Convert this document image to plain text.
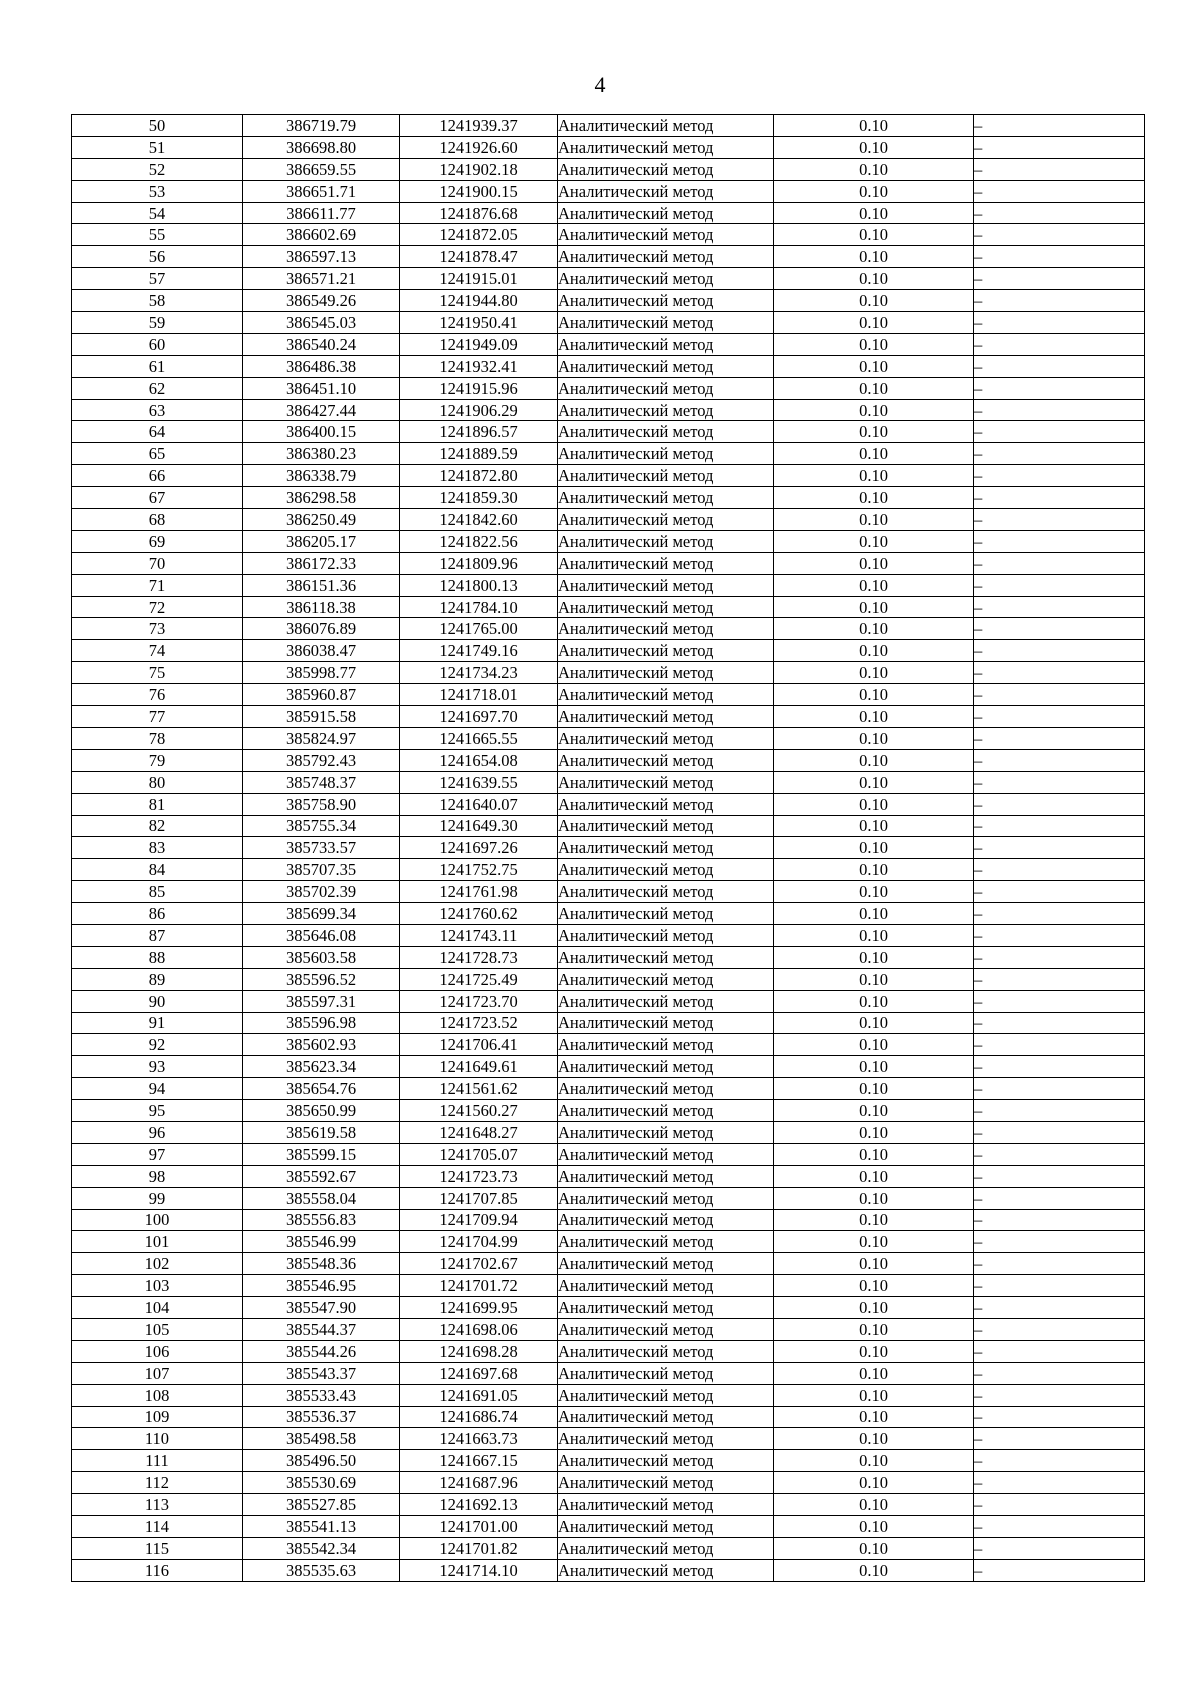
4
50	386719.79	1241939.37	Аналитический метод	0.10	–
51	386698.80	1241926.60	Аналитический метод	0.10	–
52	386659.55	1241902.18	Аналитический метод	0.10	–
53	386651.71	1241900.15	Аналитический метод	0.10	–
54	386611.77	1241876.68	Аналитический метод	0.10	–
55	386602.69	1241872.05	Аналитический метод	0.10	–
56	386597.13	1241878.47	Аналитический метод	0.10	–
57	386571.21	1241915.01	Аналитический метод	0.10	–
58	386549.26	1241944.80	Аналитический метод	0.10	–
59	386545.03	1241950.41	Аналитический метод	0.10	–
60	386540.24	1241949.09	Аналитический метод	0.10	–
61	386486.38	1241932.41	Аналитический метод	0.10	–
62	386451.10	1241915.96	Аналитический метод	0.10	–
63	386427.44	1241906.29	Аналитический метод	0.10	–
64	386400.15	1241896.57	Аналитический метод	0.10	–
65	386380.23	1241889.59	Аналитический метод	0.10	–
66	386338.79	1241872.80	Аналитический метод	0.10	–
67	386298.58	1241859.30	Аналитический метод	0.10	–
68	386250.49	1241842.60	Аналитический метод	0.10	–
69	386205.17	1241822.56	Аналитический метод	0.10	–
70	386172.33	1241809.96	Аналитический метод	0.10	–
71	386151.36	1241800.13	Аналитический метод	0.10	–
72	386118.38	1241784.10	Аналитический метод	0.10	–
73	386076.89	1241765.00	Аналитический метод	0.10	–
74	386038.47	1241749.16	Аналитический метод	0.10	–
75	385998.77	1241734.23	Аналитический метод	0.10	–
76	385960.87	1241718.01	Аналитический метод	0.10	–
77	385915.58	1241697.70	Аналитический метод	0.10	–
78	385824.97	1241665.55	Аналитический метод	0.10	–
79	385792.43	1241654.08	Аналитический метод	0.10	–
80	385748.37	1241639.55	Аналитический метод	0.10	–
81	385758.90	1241640.07	Аналитический метод	0.10	–
82	385755.34	1241649.30	Аналитический метод	0.10	–
83	385733.57	1241697.26	Аналитический метод	0.10	–
84	385707.35	1241752.75	Аналитический метод	0.10	–
85	385702.39	1241761.98	Аналитический метод	0.10	–
86	385699.34	1241760.62	Аналитический метод	0.10	–
87	385646.08	1241743.11	Аналитический метод	0.10	–
88	385603.58	1241728.73	Аналитический метод	0.10	–
89	385596.52	1241725.49	Аналитический метод	0.10	–
90	385597.31	1241723.70	Аналитический метод	0.10	–
91	385596.98	1241723.52	Аналитический метод	0.10	–
92	385602.93	1241706.41	Аналитический метод	0.10	–
93	385623.34	1241649.61	Аналитический метод	0.10	–
94	385654.76	1241561.62	Аналитический метод	0.10	–
95	385650.99	1241560.27	Аналитический метод	0.10	–
96	385619.58	1241648.27	Аналитический метод	0.10	–
97	385599.15	1241705.07	Аналитический метод	0.10	–
98	385592.67	1241723.73	Аналитический метод	0.10	–
99	385558.04	1241707.85	Аналитический метод	0.10	–
100	385556.83	1241709.94	Аналитический метод	0.10	–
101	385546.99	1241704.99	Аналитический метод	0.10	–
102	385548.36	1241702.67	Аналитический метод	0.10	–
103	385546.95	1241701.72	Аналитический метод	0.10	–
104	385547.90	1241699.95	Аналитический метод	0.10	–
105	385544.37	1241698.06	Аналитический метод	0.10	–
106	385544.26	1241698.28	Аналитический метод	0.10	–
107	385543.37	1241697.68	Аналитический метод	0.10	–
108	385533.43	1241691.05	Аналитический метод	0.10	–
109	385536.37	1241686.74	Аналитический метод	0.10	–
110	385498.58	1241663.73	Аналитический метод	0.10	–
111	385496.50	1241667.15	Аналитический метод	0.10	–
112	385530.69	1241687.96	Аналитический метод	0.10	–
113	385527.85	1241692.13	Аналитический метод	0.10	–
114	385541.13	1241701.00	Аналитический метод	0.10	–
115	385542.34	1241701.82	Аналитический метод	0.10	–
116	385535.63	1241714.10	Аналитический метод	0.10	–
